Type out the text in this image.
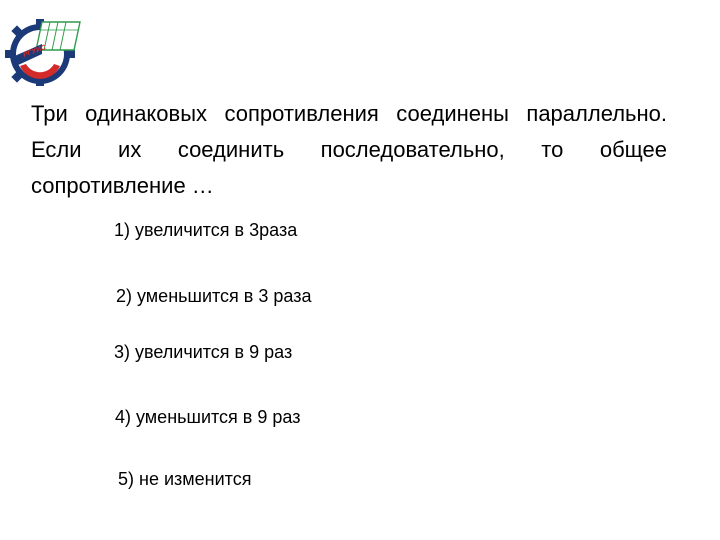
РГУИС

Три одинаковых сопротивления соединены параллельно. Если их соединить последовательно, то общее сопротивление …

1) увеличится в 3раза
2) уменьшится в 3 раза
3) увеличится в 9 раз
4) уменьшится в 9 раз
5) не изменится
